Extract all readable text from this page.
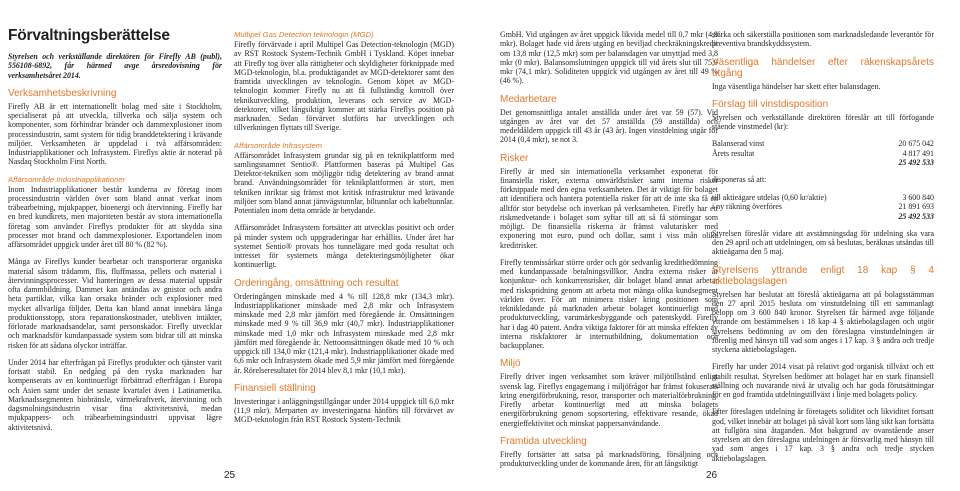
Förvaltningsberättelse

Styrelsen och verkställande direktören för Fireflу AB (publ), 556108-6892, får härmed avge årsredovisning för verksamhetsåret 2014.

Verksamhetsbeskrivning

Firefly AB är ett internationellt bolag med säte i Stockholm, specialiserat på att utveckla, tillverka och sälja system och komponenter, som förhindrar bränder och dammexplosioner inom processindustrin, samt system för tidig branddetektering i krävande miljöer. Verksamheten är uppdelad i två affärsområden: Industriapplikationer och Infrasystem. Fireflys aktie är noterad på Nasdaq Stockholm First North.

Affärsområde Industriapplikationer

Inom Industriapplikationer består kunderna av företag inom processindustrin världen över som bland annat verkar inom träbearbetning, mjukpapper, bioenergi och återvinning. Firefly har en bred kundkrets, men majoriteten består av stora internationella företag som använder Fireflys produkter för att skydda sina processer mot brand och dammexplosioner. Exportandelen inom affärsområdet uppgick under året till 80 % (82 %).

Många av Fireflys kunder bearbetar och transporterar organiska material såsom trädamm, flis, fluffmassa, pellets och material i återvinningsprocesser. Vid hanteringen av dessa material uppstår ofta dammbildning. Dammet kan antändas av gnistor och andra heta partiklar, vilka kan orsaka bränder och explosioner med mycket allvarliga följder. Detta kan bland annat innebära långa produktionsstopp, stora reparationskostnader, utebliven intäkter, förlorade marknadsandelar, samt personskador. Firefly utvecklar och marknadsför kundanpassade system som bidrar till att minska risken för att sådana olyckor inträffar.

Under 2014 har efterfrågan på Fireflys produkter och tjänster varit fortsatt stabil. En nedgång på den ryska marknaden har kompenserats av en kontinuerligt förbättrad efterfrågan i Europa och Asien samt under det senaste kvartalet även i Latinamerika. Marknadssegmenten biobränsle, värmekraftverk, återvinning och dagsmolningsindustrin visar fina aktivitetsnivå, medan mjukpappers- och träbearbetningsindustri uppvisat lägre aktivitetsnivå.

Multipel Gas Detection teknologin (MGD)

Firefly förvärvade i april Multipel Gas Detection-teknologin (MGD) av RST Rostock System-Technik GmbH i Tyskland. Köpet innebar att Firefly tog över alla rättigheter och skyldigheter förknippade med MGD-teknologin, bl.a. produktägandet av MGD-detektorer samt den framtida utvecklingen av teknologin. Genom köpet av MGD-teknologin kommer Firefly nu att få fullständig kontroll över teknikutveckling, produktion, leverans och service av MGD-detektorer, vilket långsiktigt kommer att stärka Fireflys position på marknaden. Sedan förvärvet slutförts har utvecklingen och tillverkningen flyttats till Sverige.

Affärsområde Infrasystem

Affärsområdet Infrasystem grundar sig på en teknikplattform med samlingsnamnet Sentio®. Plattformen baseras på Multipel Gas Detektor-tekniken som möjliggör tidig detektering av brand annat brand. Användningsområdet för teknikplattformen är stort, men tekniken inriktar sig främst mot kritisk infrastruktur med krävande miljöer som bland annat järnvägstunnlar, biltunnlar och kabeltunnlar. Potentialen inom detta område är betydande.

Affärsområdet Infrasystem fortsätter att utvecklas positivt och order på minder system och uppgraderingar har erhållits. Under året har systemet Sentio® provats hos tunnelägare med goda resultat och intresset för systemets många detekteringsmöjligheter ökar kontinuerligt.

Orderingång, omsättning och resultat

Orderingången minskade med 4 % till 128,8 mkr (134,3 mkr). Industriapplikationer minskade med 2,8 mkr och Infrasystem minskade med 2,8 mkr jämfört med föregående år. Omsättningen minskade med 9 % till 36,9 mkr (40,7 mkr). Industriapplikationer minskade med 1,0 mkr och Infrasystem minskade med 2,8 mkr jämfört med föregående år. Nettoomsättningen ökade med 10 % och uppgick till 134,0 mkr (121,4 mkr). Industriapplikationer ökade med 6,6 mkr och Infrasystem ökade med 5,9 mkr jämfört med föregående år. Rörelseresultatet för 2014 blev 8,1 mkr (10,1 mkr).

Finansiell ställning

Investeringar i anläggningstillgångar under 2014 uppgick till 6,0 mkr (11,9 mkr). Merparten av investeringarna hänförs till förvärvet av MGD-teknologin från RST Rostock System-Technik

25

GmbH. Vid utgången av året uppgick likvida medel till 0,7 mkr (4,9 mkr). Bolaget hade vid årets utgång en beviljad checkräkningskredit om 13,8 mkr (12,5 mkr) som per balansdagen var utnyttjad med 3,8 mkr (0 mkr). Balansomslutningen uppgick till vid årets slut till 75,9 mkr (74,1 mkr). Soliditeten uppgick vid utgången av året till 49 % (46 %).

Medarbetare

Det genomsnittliga antalet anställda under året var 59 (57). Vid utgången av året var det 57 anställda (59 anställda) och medeldåldern uppgick till 43 år (43 år). Ingen vinstdelning utgår för 2014 (0,4 mkr), se not 3.

Risker

Firefly är med sin internationella verksamhet exponerat för finansiella risker, externa omvärldsrisker samt interna risker förknippade med den egna verksamheten. Det är viktigt för bolaget att identifiera och hantera potentiella risker för att de inte ska få en alltför stor betydelse och inverkan på verksamheten. Firefly har ett riskmedvetande i bolaget som syftar till att så få störningar som möjligt. De finansiella riskerna är främst valutarisker med exponering mot euro, pund och dollar, samt i viss mån olika kreditrisker.

Firefly tenmissårkar större order och gör sedvanlig kreditbedömning med kundanpassade betalningsvillkor. Andra externa risker är konjunktur- och konkurrensrisker, där bolaget bland annat arbetar med riskspridning genom att arbeta mot många olika kundsegment världen över. För att minimera risker kring positionen som teknikledande på marknaden arbetar bolaget kontinuerligt med produktutveckling, varumärkesbyggande och patentskydd. Firefly har i dag 40 patent. Andra viktiga faktorer för att minska effekten av interna riskfaktorer är internutbildning, dokumentation och backupplaner.

Miljö

Firefly driver ingen verksamhet som kräver miljötillstånd enligt svensk lag. Fireflys engagemang i miljöfrågor har främst fokuserats kring energiförbrukning, resor, transporter och materialförbrukning. Firefly arbetar kontinuerligt med att minska bolagets energiförbrukning genom sopsortering, effektivare resande, ökad energieffektivitet och minskat pappersanvändande.

Framtida utveckling

Firefly fortsätter att satsa på marknadsföring, försäljning och produktutveckling under de kommande åren, för att långsiktigt

stärka och säkerställa positionen som marknadsledande leverantör för preventiva brandskyddssystem.

Väsentliga händelser efter räkenskapsårets utgång

Inga väsentliga händelser har skett efter balansdagen.

Förslag till vinstdisposition

Styrelsen och verkställande direktören föreslår att till förfogande stående vinstmedel (kr):

Balanserad vinst	20 675 042
Årets resultat	4 817 491
	25 492 533

disponeras så att:

till aktieägare utdelas (0,60 kr/aktie)	3 600 840
i ny räkning överföres	21 891 693
	25 492 533

Styrelsen föreslår vidare att avstämningsdag för utdelning ska vara den 29 april och att utdelningen, om så beslutas, beräknas utsändas till aktieägarna den 5 maj.

Styrelsens yttrande enligt 18 kap § 4 aktiebolagslagen

Styrelsen har beslutat att föreslå aktieägarna att på bolagsstämman den 27 april 2015 besluta om vinstutdelning till ett sammanlagt belopp om 3 600 840 kronor. Styrelsen får härmed avge följande yttrande om bestämmelsen i 18 kap 4 § aktiebolagslagen och utgör styrelsens bedömning av om den föreslagna vinstutdelningen är förenlig med hänsyn till vad som anges i 17 kap. 3 § andra och tredje styckena aktiebolagslagen.

Firefly har under 2014 visat på relativt god organisk tillväxt och ett stabilt resultat. Styrelsen bedömer att bolaget har en stark finansiell ställning och nuvarande nivå är utvalig och har goda förutsättningar för en god framtida utdelningstillväxt i linje med bolagets policy.

Efter föreslagen utdelning är företagets soliditet och likviditet fortsatt god, vilket innebär att bolaget på såväl kort som lång sikt kan fortsätta att fullgöra sina åtaganden. Mot bakgrund av ovanstående anser styrelsen att den föreslagna utdelningen är försvarlig med hänsyn till vad som anges i 17 kap. 3 § andra och tredje stycken aktiebolagslagen.

26
